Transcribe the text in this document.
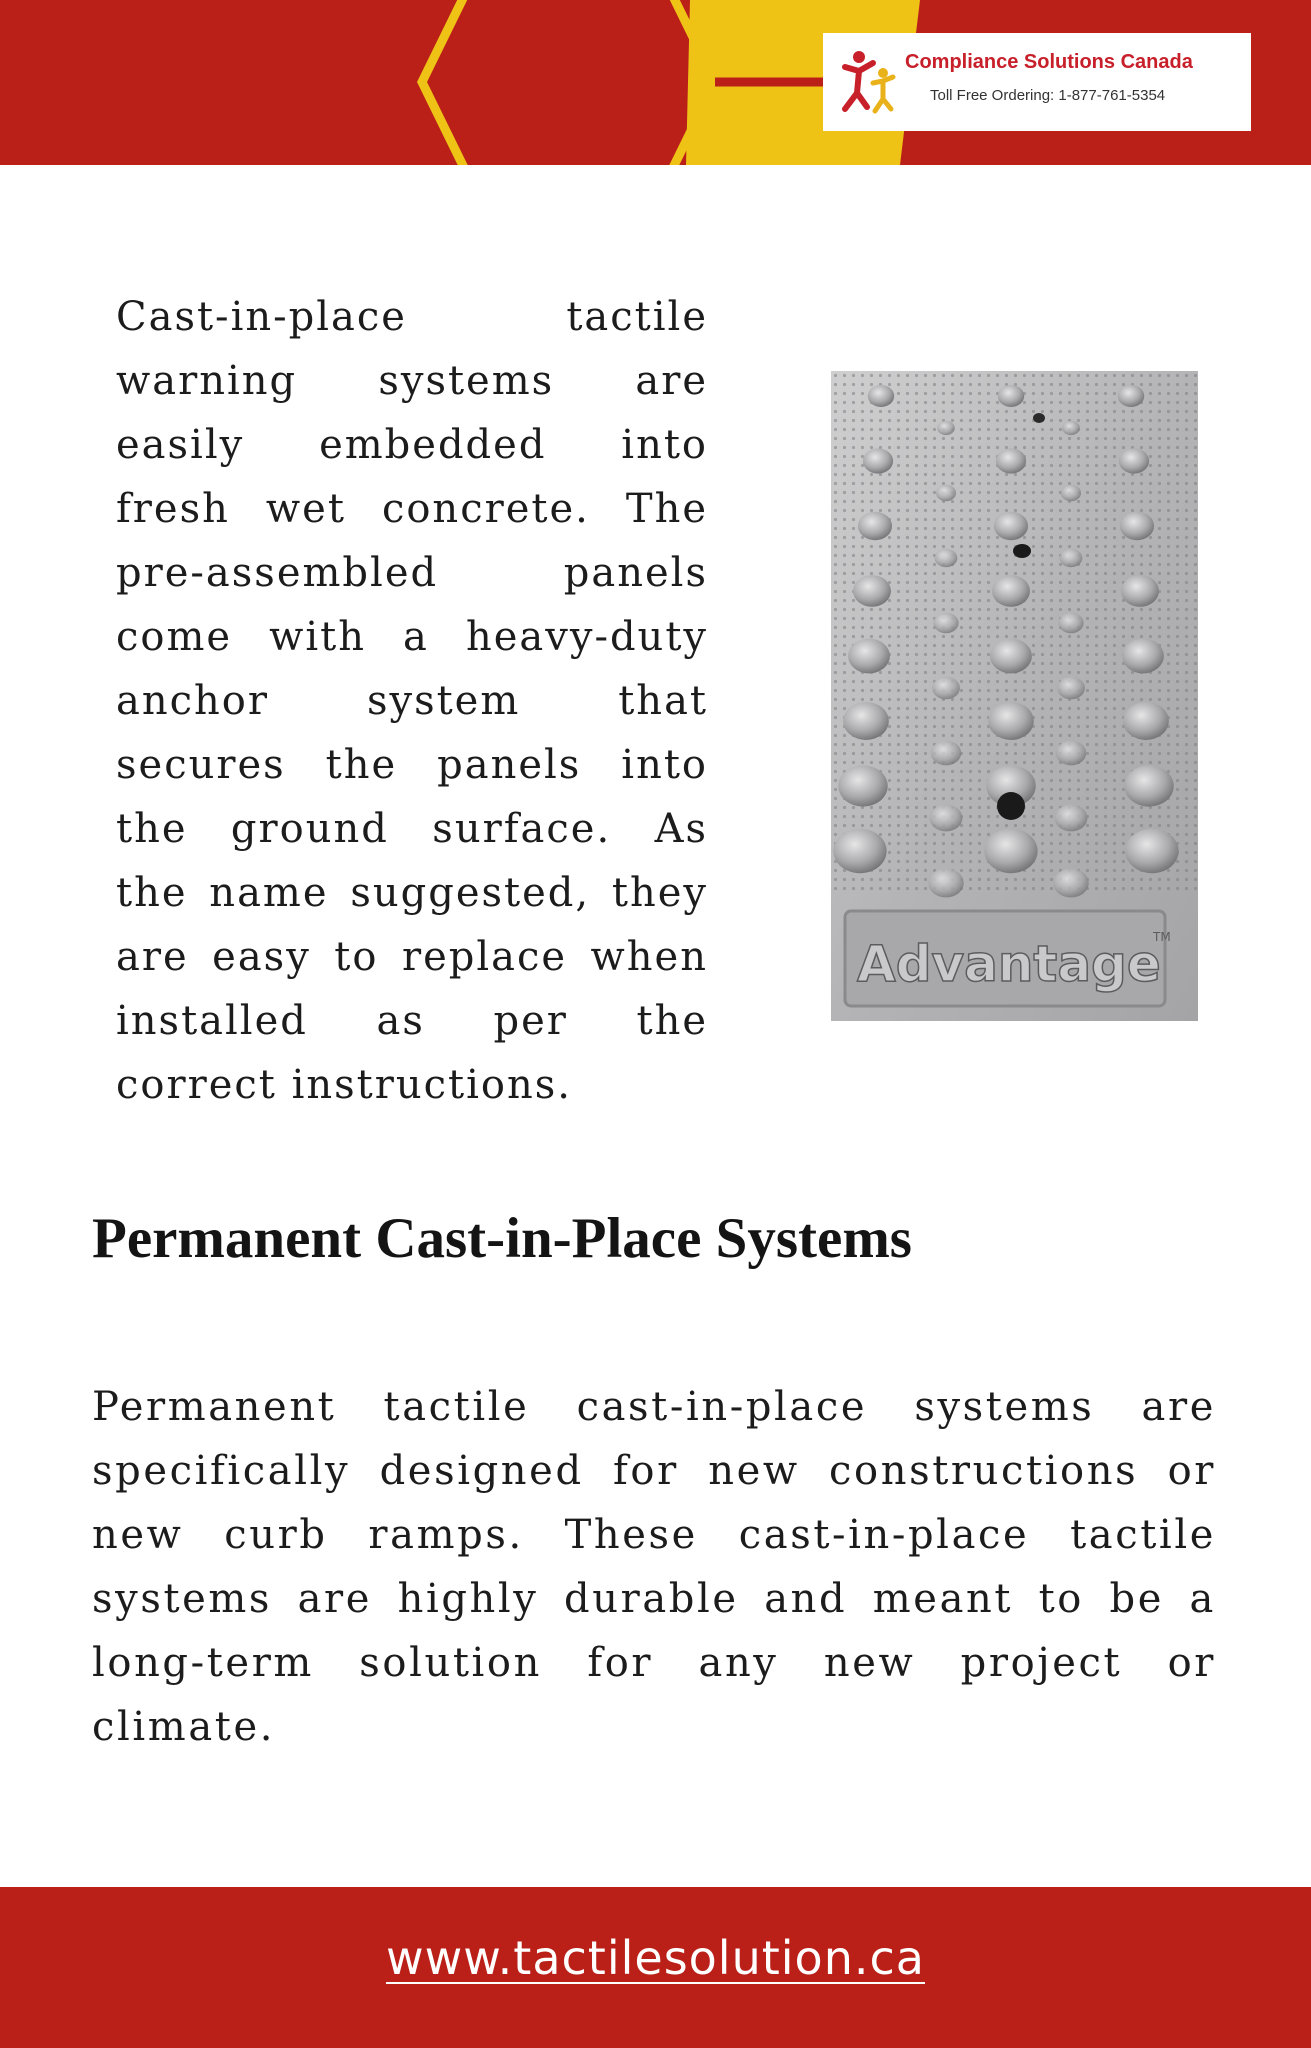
Compliance Solutions Canada
Toll Free Ordering: 1-877-761-5354

Cast-in-place tactile warning systems are easily embedded into fresh wet concrete. The pre-assembled panels come with a heavy-duty anchor system that secures the panels into the ground surface. As the name suggested, they are easy to replace when installed as per the correct instructions.

Advantage
TM
Permanent Cast-in-Place Systems

Permanent tactile cast-in-place systems are specifically designed for new constructions or new curb ramps. These cast-in-place tactile systems are highly durable and meant to be a long-term solution for any new project or climate.

www.tactilesolution.ca
